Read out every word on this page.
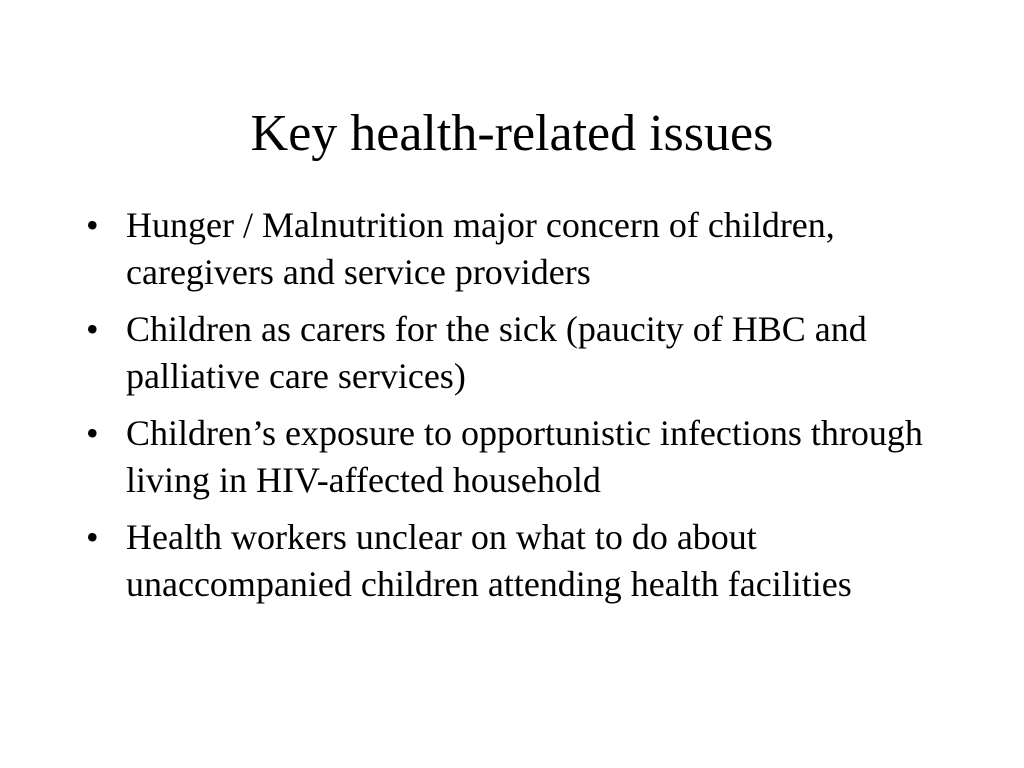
Key health-related issues
• Hunger / Malnutrition major concern of children, caregivers and service providers
• Children as carers for the sick (paucity of HBC and palliative care services)
• Children’s exposure to opportunistic infections through living in HIV-affected household
• Health workers unclear on what to do about unaccompanied children attending health facilities
